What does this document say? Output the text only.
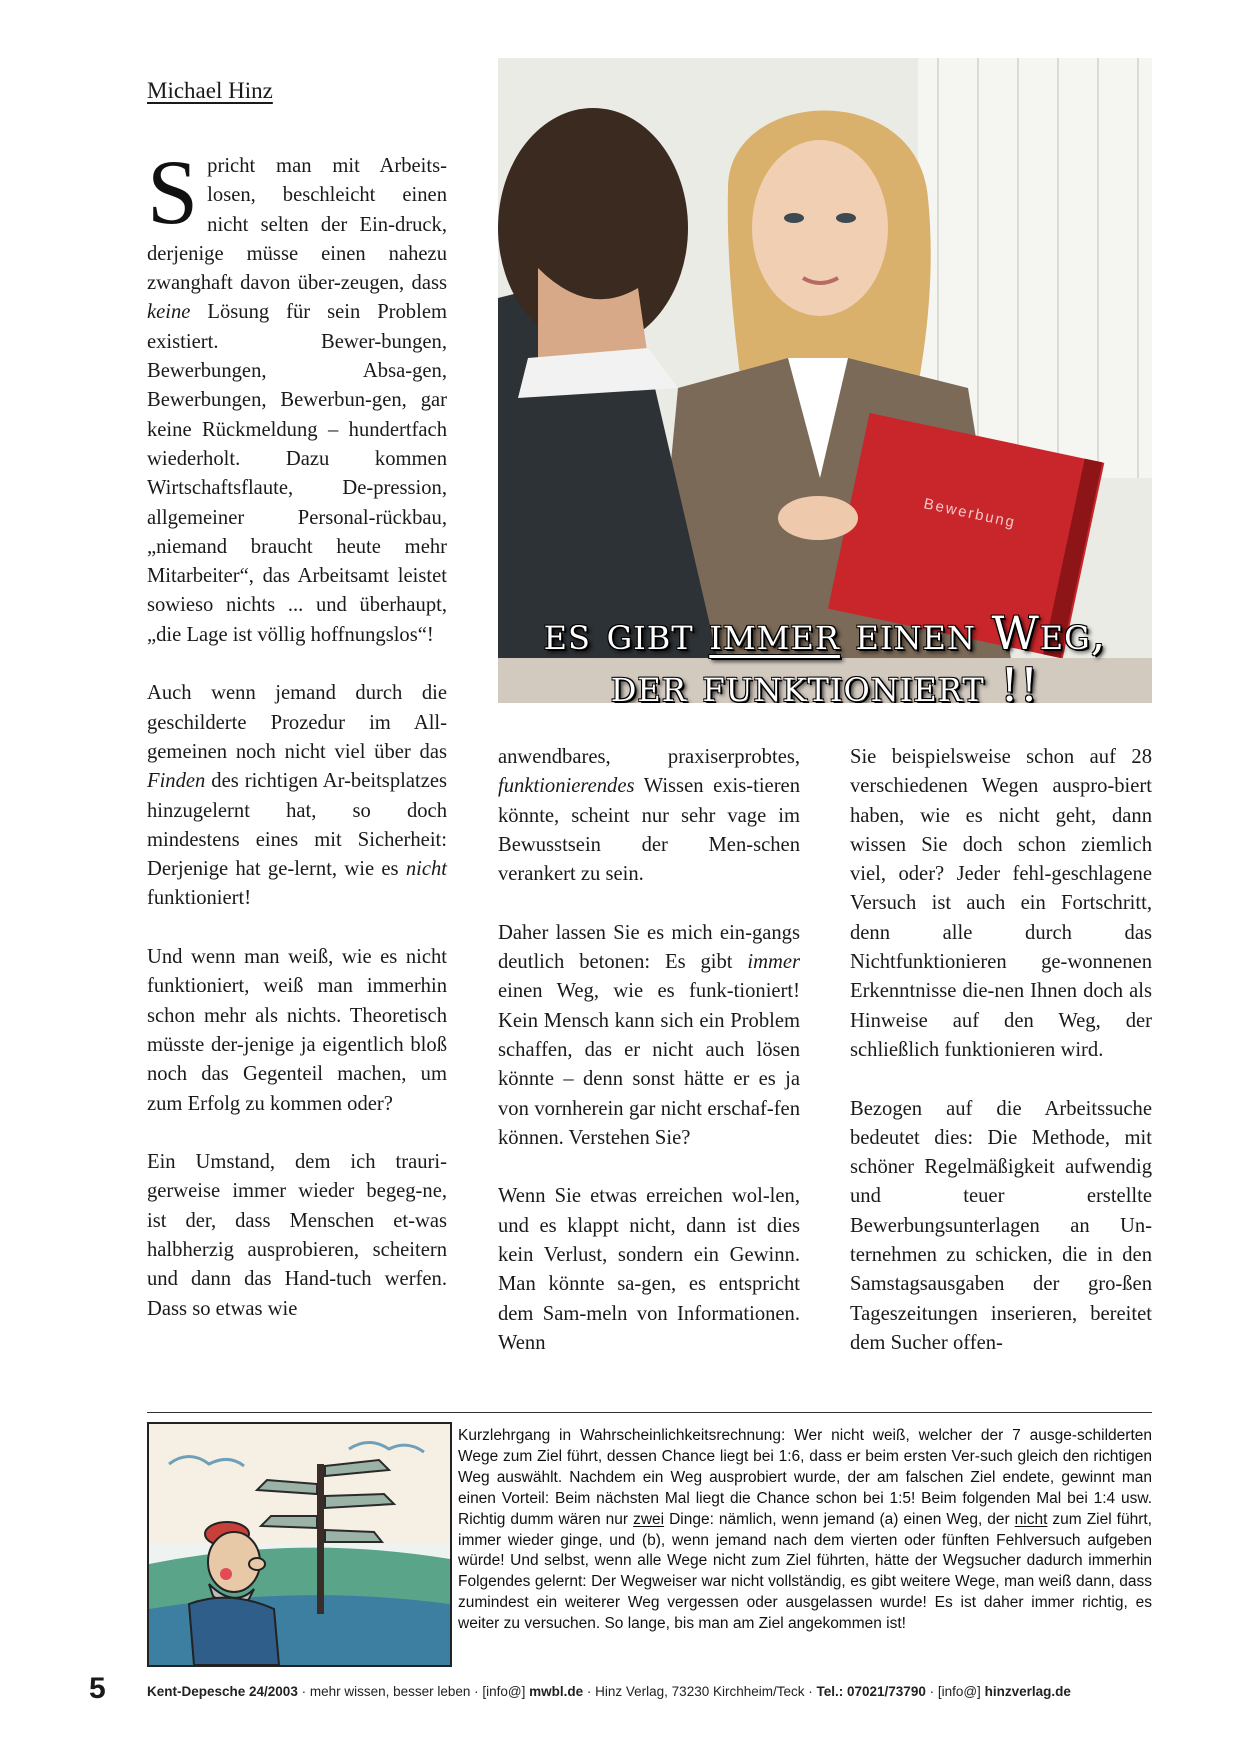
Michael Hinz

Spricht man mit Arbeits-losen, beschleicht einen nicht selten der Ein-druck, derjenige müsse einen nahezu zwanghaft davon über-zeugen, dass keine Lösung für sein Problem existiert. Bewer-bungen, Bewerbungen, Absa-gen, Bewerbungen, Bewerbun-gen, gar keine Rückmeldung – hundertfach wiederholt. Dazu kommen Wirtschaftsflaute, De-pression, allgemeiner Personal-rückbau, „niemand braucht heute mehr Mitarbeiter“, das Arbeitsamt leistet sowieso nichts ... und überhaupt, „die Lage ist völlig hoffnungslos“!

Auch wenn jemand durch die geschilderte Prozedur im All-gemeinen noch nicht viel über das Finden des richtigen Ar-beitsplatzes hinzugelernt hat, so doch mindestens eines mit Sicherheit: Derjenige hat ge-lernt, wie es nicht funktioniert!

Und wenn man weiß, wie es nicht funktioniert, weiß man immerhin schon mehr als nichts. Theoretisch müsste der-jenige ja eigentlich bloß noch das Gegenteil machen, um zum Erfolg zu kommen oder?

Ein Umstand, dem ich trauri-gerweise immer wieder begeg-ne, ist der, dass Menschen et-was halbherzig ausprobieren, scheitern und dann das Hand-tuch werfen. Dass so etwas wie

Bewerbung
es gibt immer einen Weg,
der funktioniert !!

anwendbares, praxiserprobtes, funktionierendes Wissen exis-tieren könnte, scheint nur sehr vage im Bewusstsein der Men-schen verankert zu sein.

Daher lassen Sie es mich ein-gangs deutlich betonen: Es gibt immer einen Weg, wie es funk-tioniert! Kein Mensch kann sich ein Problem schaffen, das er nicht auch lösen könnte – denn sonst hätte er es ja von vornherein gar nicht erschaf-fen können. Verstehen Sie?

Wenn Sie etwas erreichen wol-len, und es klappt nicht, dann ist dies kein Verlust, sondern ein Gewinn. Man könnte sa-gen, es entspricht dem Sam-meln von Informationen. Wenn

Sie beispielsweise schon auf 28 verschiedenen Wegen auspro-biert haben, wie es nicht geht, dann wissen Sie doch schon ziemlich viel, oder? Jeder fehl-geschlagene Versuch ist auch ein Fortschritt, denn alle durch das Nichtfunktionieren ge-wonnenen Erkenntnisse die-nen Ihnen doch als Hinweise auf den Weg, der schließlich funktionieren wird.

Bezogen auf die Arbeitssuche bedeutet dies: Die Methode, mit schöner Regelmäßigkeit aufwendig und teuer erstellte Bewerbungsunterlagen an Un-ternehmen zu schicken, die in den Samstagsausgaben der gro-ßen Tageszeitungen inserieren, bereitet dem Sucher offen-

Kurzlehrgang in Wahrscheinlichkeitsrechnung: Wer nicht weiß, welcher der 7 ausge-schilderten Wege zum Ziel führt, dessen Chance liegt bei 1:6, dass er beim ersten Ver-such gleich den richtigen Weg auswählt. Nachdem ein Weg ausprobiert wurde, der am falschen Ziel endete, gewinnt man einen Vorteil: Beim nächsten Mal liegt die Chance schon bei 1:5! Beim folgenden Mal bei 1:4 usw. Richtig dumm wären nur zwei Dinge: nämlich, wenn jemand (a) einen Weg, der nicht zum Ziel führt, immer wieder ginge, und (b), wenn jemand nach dem vierten oder fünften Fehlversuch aufgeben würde! Und selbst, wenn alle Wege nicht zum Ziel führten, hätte der Wegsucher dadurch immerhin Folgendes gelernt: Der Wegweiser war nicht vollständig, es gibt weitere Wege, man weiß dann, dass zumindest ein weiterer Weg vergessen oder ausgelassen wurde! Es ist daher immer richtig, es weiter zu versuchen. So lange, bis man am Ziel angekommen ist!
5	Kent-Depesche 24/2003 · mehr wissen, besser leben · [info@] mwbl.de · Hinz Verlag, 73230 Kirchheim/Teck · Tel.: 07021/73790 · [info@] hinzverlag.de
